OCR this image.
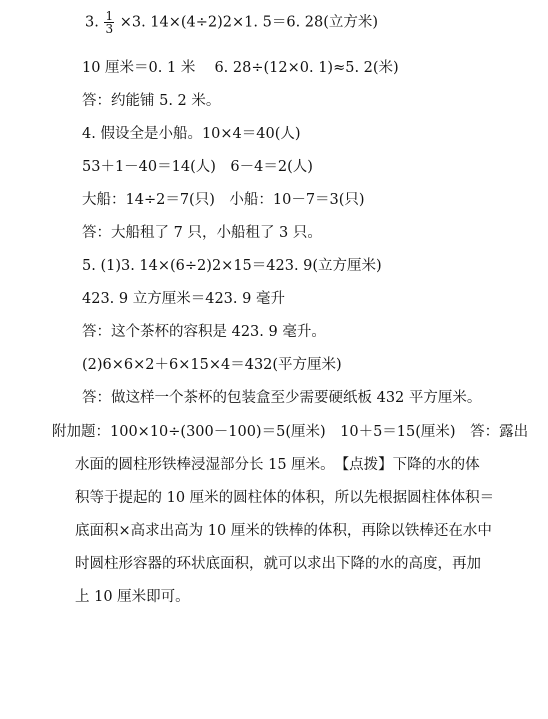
3. $\frac{1}{3} \times 3$. 14×(4÷2)2×1. 5＝6. 28(立方米)
10 厘米＝0. 1 米　 6. 28÷(12×0. 1)≈5. 2(米)
答：约能铺 5. 2 米。
4. 假设全是小船。10×4＝40(人)
53＋1－40＝14(人)　6－4＝2(人)
大船：14÷2＝7(只)　小船：10－7＝3(只)
答：大船租了 7 只，小船租了 3 只。
5. (1)3. 14×(6÷2)2×15＝423. 9(立方厘米)
423. 9 立方厘米＝423. 9 毫升
答：这个茶杯的容积是 423. 9 毫升。
(2)6×6×2＋6×15×4＝432(平方厘米)
答：做这样一个茶杯的包装盒至少需要硬纸板 432 平方厘米。
附加题：100×10÷(300－100)＝5(厘米)　10＋5＝15(厘米)　答：露出
水面的圆柱形铁棒浸湿部分长 15 厘米。　【点拨】下降的水的体
积等于提起的 10 厘米的圆柱体的体积，所以先根据圆柱体体积＝
底面积×高求出高为 10 厘米的铁棒的体积，再除以铁棒还在水中
时圆柱形容器的环状底面积，就可以求出下降的水的高度，再加
上 10 厘米即可。
